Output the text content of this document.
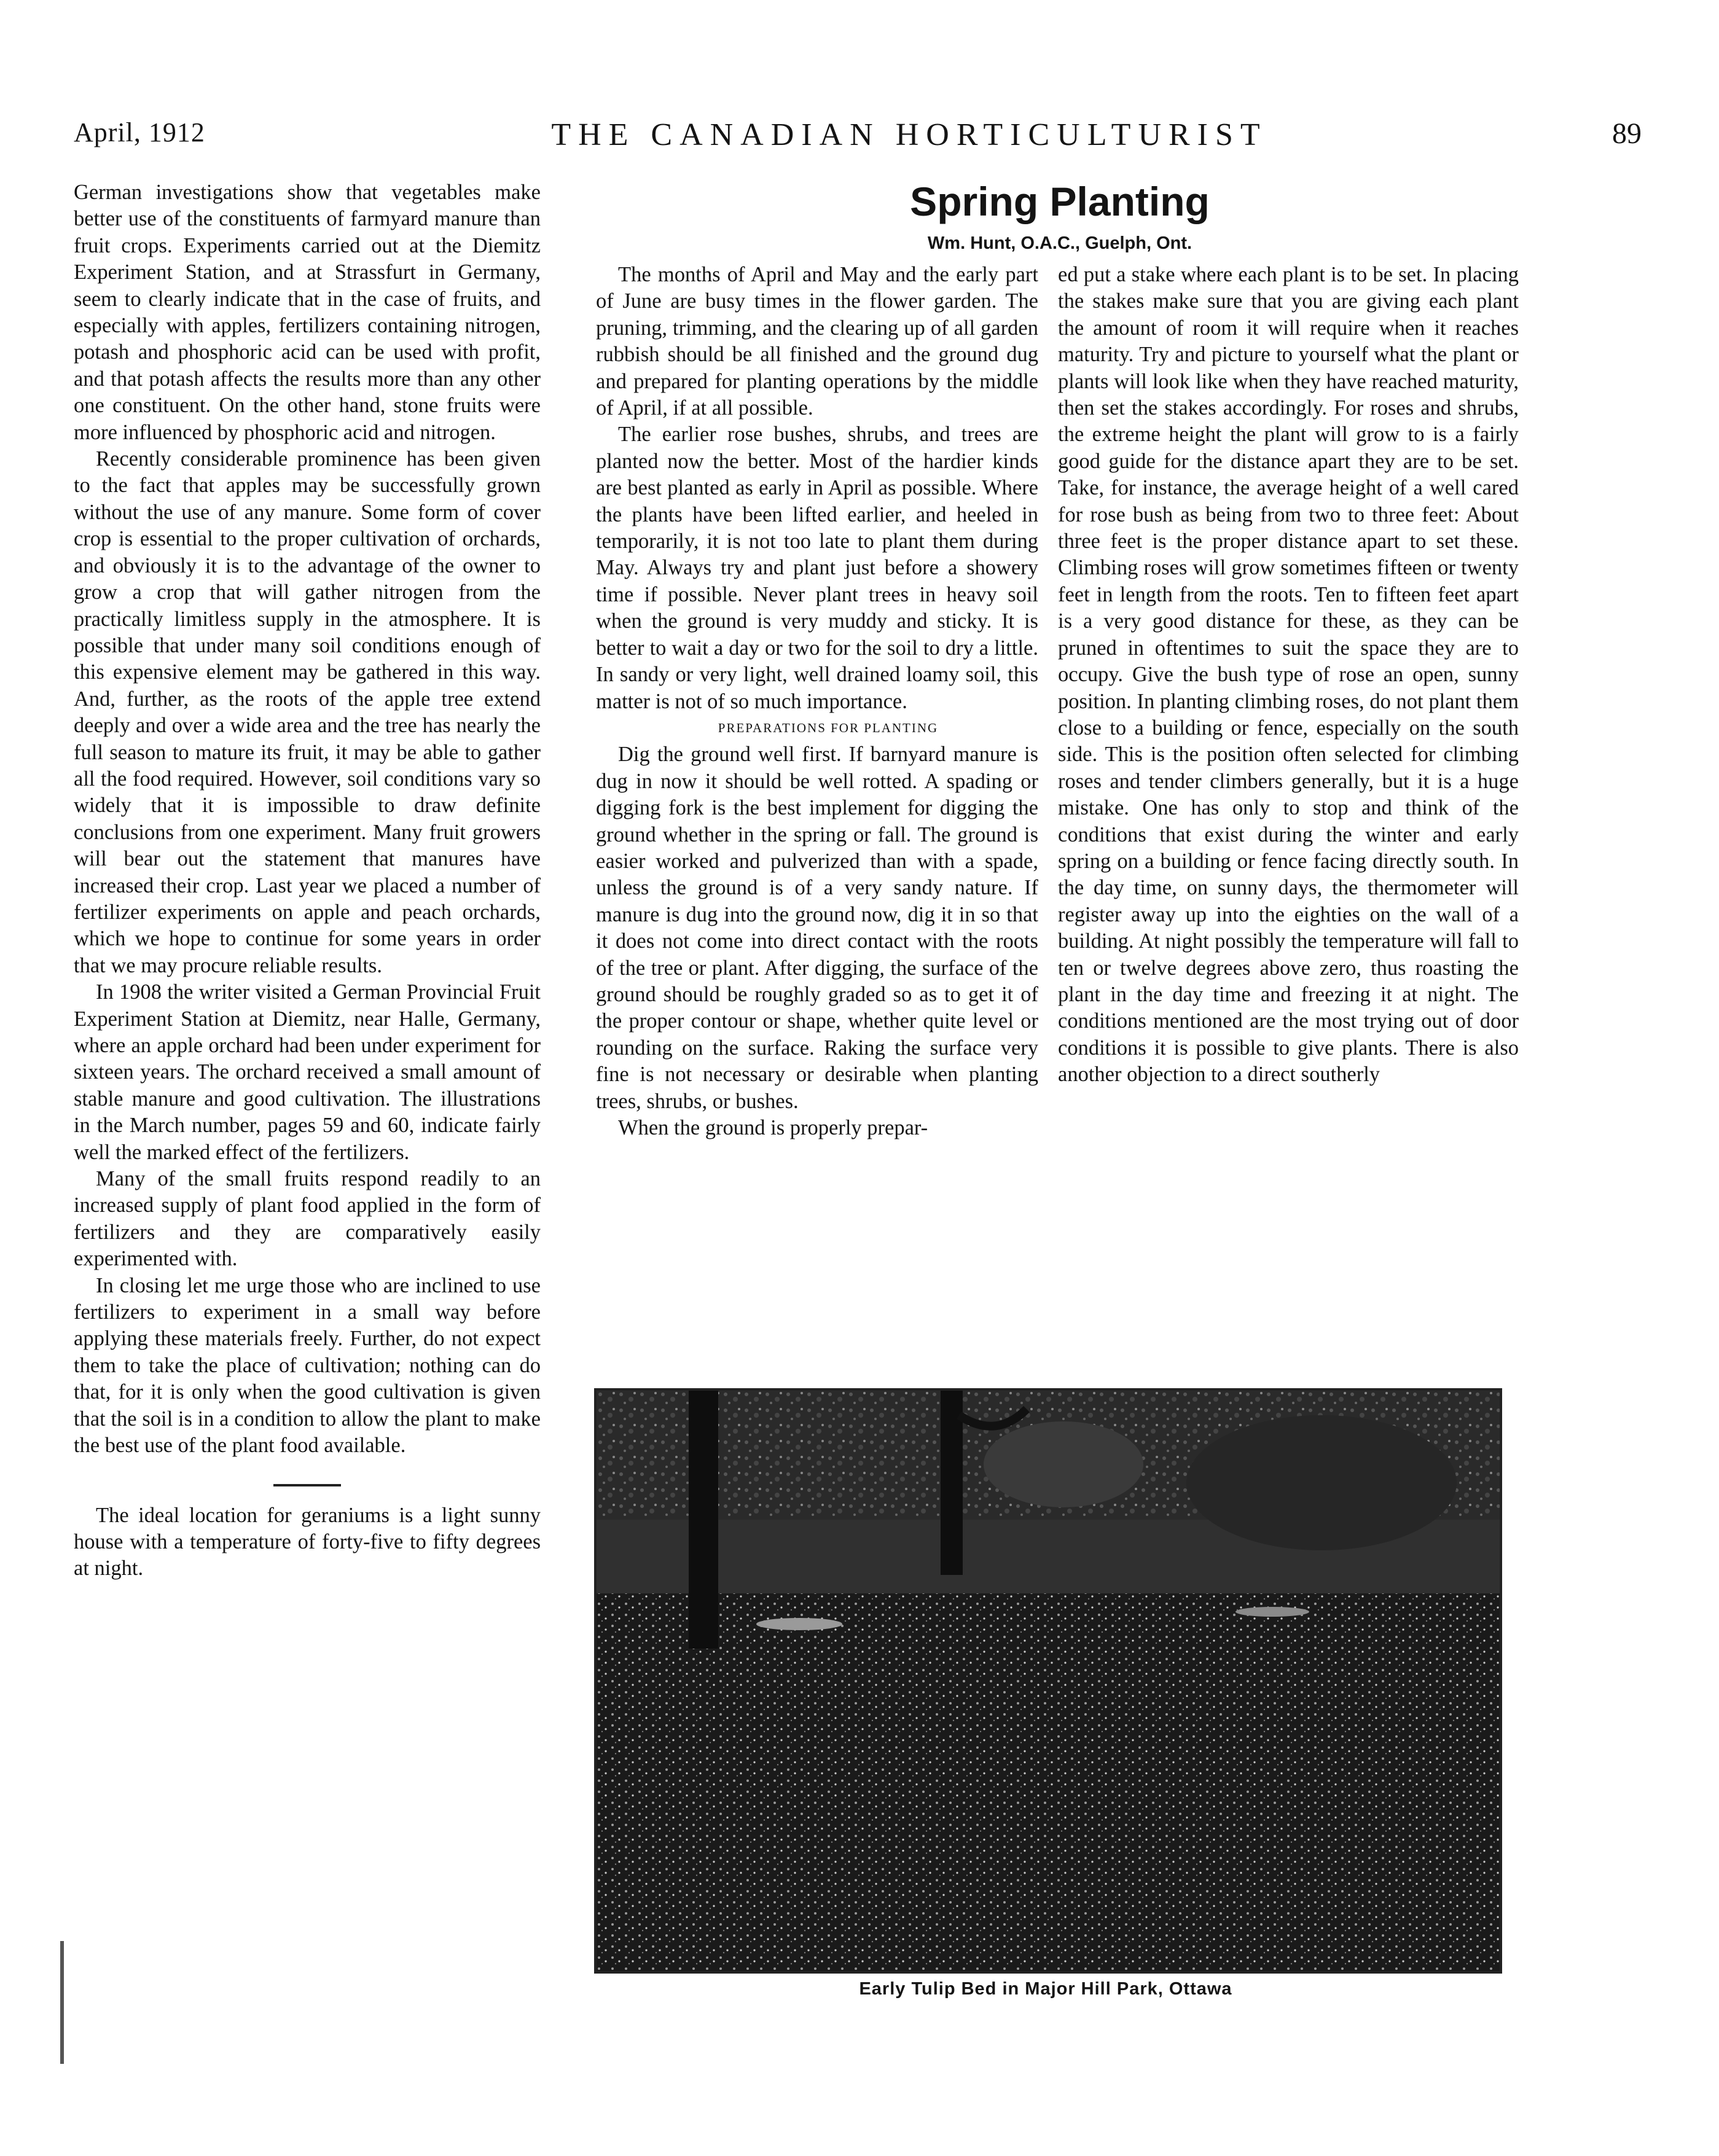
April, 1912	THE CANADIAN HORTICULTURIST	89

German investigations show that vegetables make better use of the constituents of farmyard manure than fruit crops. Experiments carried out at the Diemitz Experiment Station, and at Strassfurt in Germany, seem to clearly indicate that in the case of fruits, and especially with apples, fertilizers containing nitrogen, potash and phosphoric acid can be used with profit, and that potash affects the results more than any other one constituent. On the other hand, stone fruits were more influenced by phosphoric acid and nitrogen.

Recently considerable prominence has been given to the fact that apples may be successfully grown without the use of any manure. Some form of cover crop is essential to the proper cultivation of orchards, and obviously it is to the advantage of the owner to grow a crop that will gather nitrogen from the practically limitless supply in the atmosphere. It is possible that under many soil conditions enough of this expensive element may be gathered in this way. And, further, as the roots of the apple tree extend deeply and over a wide area and the tree has nearly the full season to mature its fruit, it may be able to gather all the food required. However, soil conditions vary so widely that it is impossible to draw definite conclusions from one experiment. Many fruit growers will bear out the statement that manures have increased their crop. Last year we placed a number of fertilizer experiments on apple and peach orchards, which we hope to continue for some years in order that we may procure reliable results.

In 1908 the writer visited a German Provincial Fruit Experiment Station at Diemitz, near Halle, Germany, where an apple orchard had been under experiment for sixteen years. The orchard received a small amount of stable manure and good cultivation. The illustrations in the March number, pages 59 and 60, indicate fairly well the marked effect of the fertilizers.

Many of the small fruits respond readily to an increased supply of plant food applied in the form of fertilizers and they are comparatively easily experimented with.

In closing let me urge those who are inclined to use fertilizers to experiment in a small way before applying these materials freely. Further, do not expect them to take the place of cultivation; nothing can do that, for it is only when the good cultivation is given that the soil is in a condition to allow the plant to make the best use of the plant food available.

The ideal location for geraniums is a light sunny house with a temperature of forty-five to fifty degrees at night.

Spring Planting
Wm. Hunt, O.A.C., Guelph, Ont.

The months of April and May and the early part of June are busy times in the flower garden. The pruning, trimming, and the clearing up of all garden rubbish should be all finished and the ground dug and prepared for planting operations by the middle of April, if at all possible.

The earlier rose bushes, shrubs, and trees are planted now the better. Most of the hardier kinds are best planted as early in April as possible. Where the plants have been lifted earlier, and heeled in temporarily, it is not too late to plant them during May. Always try and plant just before a showery time if possible. Never plant trees in heavy soil when the ground is very muddy and sticky. It is better to wait a day or two for the soil to dry a little. In sandy or very light, well drained loamy soil, this matter is not of so much importance.

PREPARATIONS FOR PLANTING

Dig the ground well first. If barnyard manure is dug in now it should be well rotted. A spading or digging fork is the best implement for digging the ground whether in the spring or fall. The ground is easier worked and pulverized than with a spade, unless the ground is of a very sandy nature. If manure is dug into the ground now, dig it in so that it does not come into direct contact with the roots of the tree or plant. After digging, the surface of the ground should be roughly graded so as to get it of the proper contour or shape, whether quite level or rounding on the surface. Raking the surface very fine is not necessary or desirable when planting trees, shrubs, or bushes.

When the ground is properly prepar-

ed put a stake where each plant is to be set. In placing the stakes make sure that you are giving each plant the amount of room it will require when it reaches maturity. Try and picture to yourself what the plant or plants will look like when they have reached maturity, then set the stakes accordingly. For roses and shrubs, the extreme height the plant will grow to is a fairly good guide for the distance apart they are to be set. Take, for instance, the average height of a well cared for rose bush as being from two to three feet: About three feet is the proper distance apart to set these. Climbing roses will grow sometimes fifteen or twenty feet in length from the roots. Ten to fifteen feet apart is a very good distance for these, as they can be pruned in oftentimes to suit the space they are to occupy. Give the bush type of rose an open, sunny position. In planting climbing roses, do not plant them close to a building or fence, especially on the south side. This is the position often selected for climbing roses and tender climbers generally, but it is a huge mistake. One has only to stop and think of the conditions that exist during the winter and early spring on a building or fence facing directly south. In the day time, on sunny days, the thermometer will register away up into the eighties on the wall of a building. At night possibly the temperature will fall to ten or twelve degrees above zero, thus roasting the plant in the day time and freezing it at night. The conditions mentioned are the most trying out of door conditions it is possible to give plants. There is also another objection to a direct southerly

Early Tulip Bed in Major Hill Park, Ottawa
